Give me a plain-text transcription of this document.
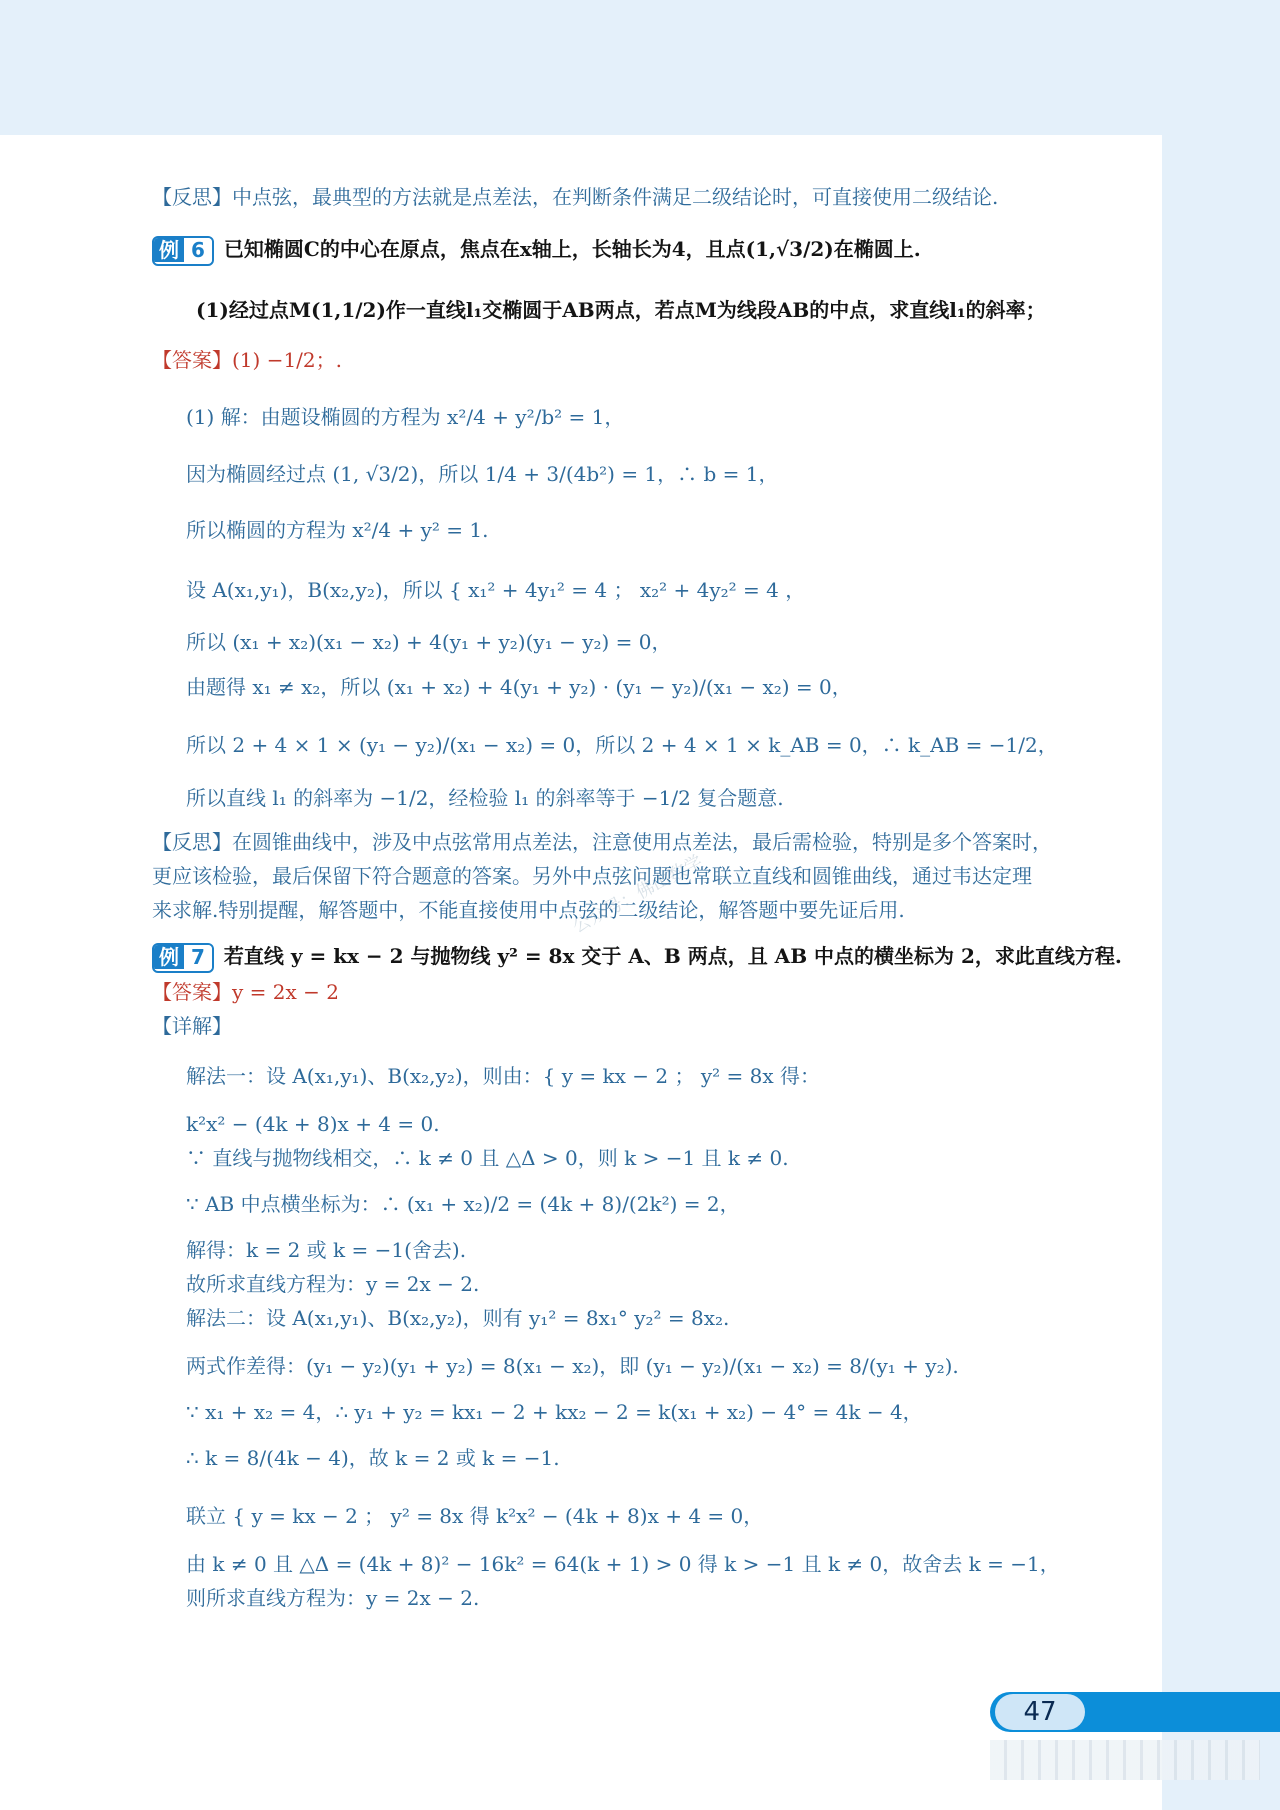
公众号：佛山数学
【反思】中点弦，最典型的方法就是点差法，在判断条件满足二级结论时，可直接使用二级结论.
例 6 已知椭圆C的中心在原点，焦点在x轴上，长轴长为4，且点(1,√3/2)在椭圆上.
(1)经过点M(1,1/2)作一直线l₁交椭圆于AB两点，若点M为线段AB的中点，求直线l₁的斜率；
【答案】(1) −1/2；.
(1) 解：由题设椭圆的方程为 x²/4 + y²/b² = 1，
因为椭圆经过点 (1, √3/2)，所以 1/4 + 3/(4b²) = 1，∴ b = 1，
所以椭圆的方程为 x²/4 + y² = 1.
设 A(x₁,y₁)，B(x₂,y₂)，所以 { x₁² + 4y₁² = 4 ； x₂² + 4y₂² = 4 ，
所以 (x₁ + x₂)(x₁ − x₂) + 4(y₁ + y₂)(y₁ − y₂) = 0，
由题得 x₁ ≠ x₂，所以 (x₁ + x₂) + 4(y₁ + y₂) · (y₁ − y₂)/(x₁ − x₂) = 0，
所以 2 + 4 × 1 × (y₁ − y₂)/(x₁ − x₂) = 0，所以 2 + 4 × 1 × k_AB = 0，∴ k_AB = −1/2，
所以直线 l₁ 的斜率为 −1/2，经检验 l₁ 的斜率等于 −1/2 复合题意.
【反思】在圆锥曲线中，涉及中点弦常用点差法，注意使用点差法，最后需检验，特别是多个答案时，
更应该检验，最后保留下符合题意的答案。另外中点弦问题也常联立直线和圆锥曲线，通过韦达定理
来求解.特别提醒，解答题中，不能直接使用中点弦的二级结论，解答题中要先证后用.
例 7 若直线 y = kx − 2 与抛物线 y² = 8x 交于 A、B 两点，且 AB 中点的横坐标为 2，求此直线方程.
【答案】y = 2x − 2
【详解】
解法一：设 A(x₁,y₁)、B(x₂,y₂)，则由：{ y = kx − 2 ； y² = 8x 得：
k²x² − (4k + 8)x + 4 = 0.
∵ 直线与抛物线相交，∴ k ≠ 0 且 △Δ > 0，则 k > −1 且 k ≠ 0.
∵ AB 中点横坐标为：∴ (x₁ + x₂)/2 = (4k + 8)/(2k²) = 2，
解得：k = 2 或 k = −1(舍去).
故所求直线方程为：y = 2x − 2.
解法二：设 A(x₁,y₁)、B(x₂,y₂)，则有 y₁² = 8x₁° y₂² = 8x₂.
两式作差得：(y₁ − y₂)(y₁ + y₂) = 8(x₁ − x₂)，即 (y₁ − y₂)/(x₁ − x₂) = 8/(y₁ + y₂).
∵ x₁ + x₂ = 4，∴ y₁ + y₂ = kx₁ − 2 + kx₂ − 2 = k(x₁ + x₂) − 4° = 4k − 4，
∴ k = 8/(4k − 4)，故 k = 2 或 k = −1.
联立 { y = kx − 2 ； y² = 8x 得 k²x² − (4k + 8)x + 4 = 0，
由 k ≠ 0 且 △Δ = (4k + 8)² − 16k² = 64(k + 1) > 0 得 k > −1 且 k ≠ 0，故舍去 k = −1，
则所求直线方程为：y = 2x − 2.
47
